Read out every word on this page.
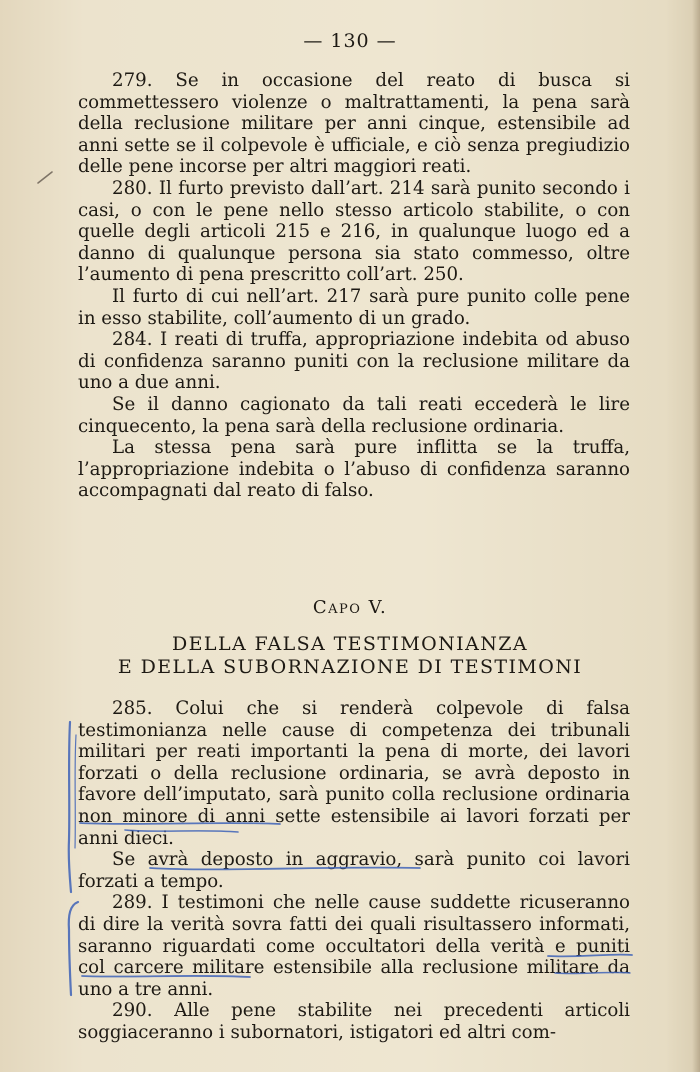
— 130 —

279. Se in occasione del reato di busca si commettessero violenze o maltrattamenti, la pena sarà della reclusione militare per anni cinque, estensibile ad anni sette se il colpevole è ufficiale, e ciò senza pregiudizio delle pene incorse per altri maggiori reati.

280. Il furto previsto dall’art. 214 sarà punito secondo i casi, o con le pene nello stesso articolo stabilite, o con quelle degli articoli 215 e 216, in qualunque luogo ed a danno di qualunque persona sia stato commesso, oltre l’aumento di pena prescritto coll’art. 250.

Il furto di cui nell’art. 217 sarà pure punito colle pene in esso stabilite, coll’aumento di un grado.

284. I reati di truffa, appropriazione indebita od abuso di confidenza saranno puniti con la reclusione militare da uno a due anni.

Se il danno cagionato da tali reati eccederà le lire cinquecento, la pena sarà della reclusione ordinaria.

La stessa pena sarà pure inflitta se la truffa, l’appropriazione indebita o l’abuso di confidenza saranno accompagnati dal reato di falso.

Capo V.
DELLA FALSA TESTIMONIANZA
E DELLA SUBORNAZIONE DI TESTIMONI

285. Colui che si renderà colpevole di falsa testimonianza nelle cause di competenza dei tribunali militari per reati importanti la pena di morte, dei lavori forzati o della reclusione ordinaria, se avrà deposto in favore dell’imputato, sarà punito colla reclusione ordinaria non minore di anni sette estensibile ai lavori forzati per anni dieci.

Se avrà deposto in aggravio, sarà punito coi lavori forzati a tempo.

289. I testimoni che nelle cause suddette ricuseranno di dire la verità sovra fatti dei quali risultassero informati, saranno riguardati come occultatori della verità e puniti col carcere militare estensibile alla reclusione militare da uno a tre anni.

290. Alle pene stabilite nei precedenti articoli soggiaceranno i subornatori, istigatori ed altri com-
